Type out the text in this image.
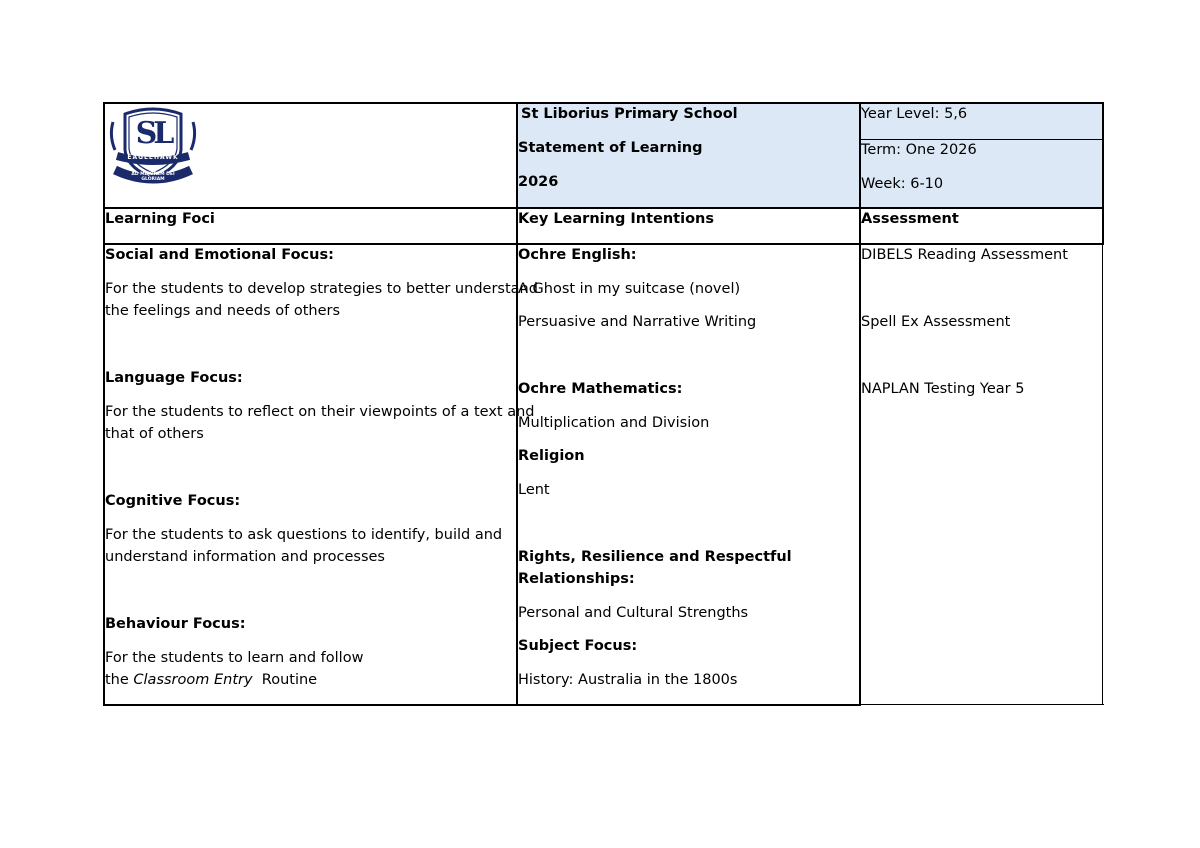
SL
EAGLEHAWK
AD MAJOREM DEI GLORIAM
St Liborius Primary School
Statement of Learning
2026
Year Level: 5,6
Term: One 2026
Week: 6-10
Learning Foci	Key Learning Intentions	Assessment
Social and Emotional Focus:
For the students to develop strategies to better understand
the feelings and needs of others
Language Focus:
For the students to reflect on their viewpoints of a text and
that of others
Cognitive Focus:
For the students to ask questions to identify, build and
understand information and processes
Behaviour Focus:
For the students to learn and follow
the Classroom Entry  Routine
Ochre English:
A Ghost in my suitcase (novel)
Persuasive and Narrative Writing
Ochre Mathematics:
Multiplication and Division
Religion
Lent
Rights, Resilience and Respectful
Relationships:
Personal and Cultural Strengths
Subject Focus:
History: Australia in the 1800s
DIBELS Reading Assessment
Spell Ex Assessment
NAPLAN Testing Year 5
